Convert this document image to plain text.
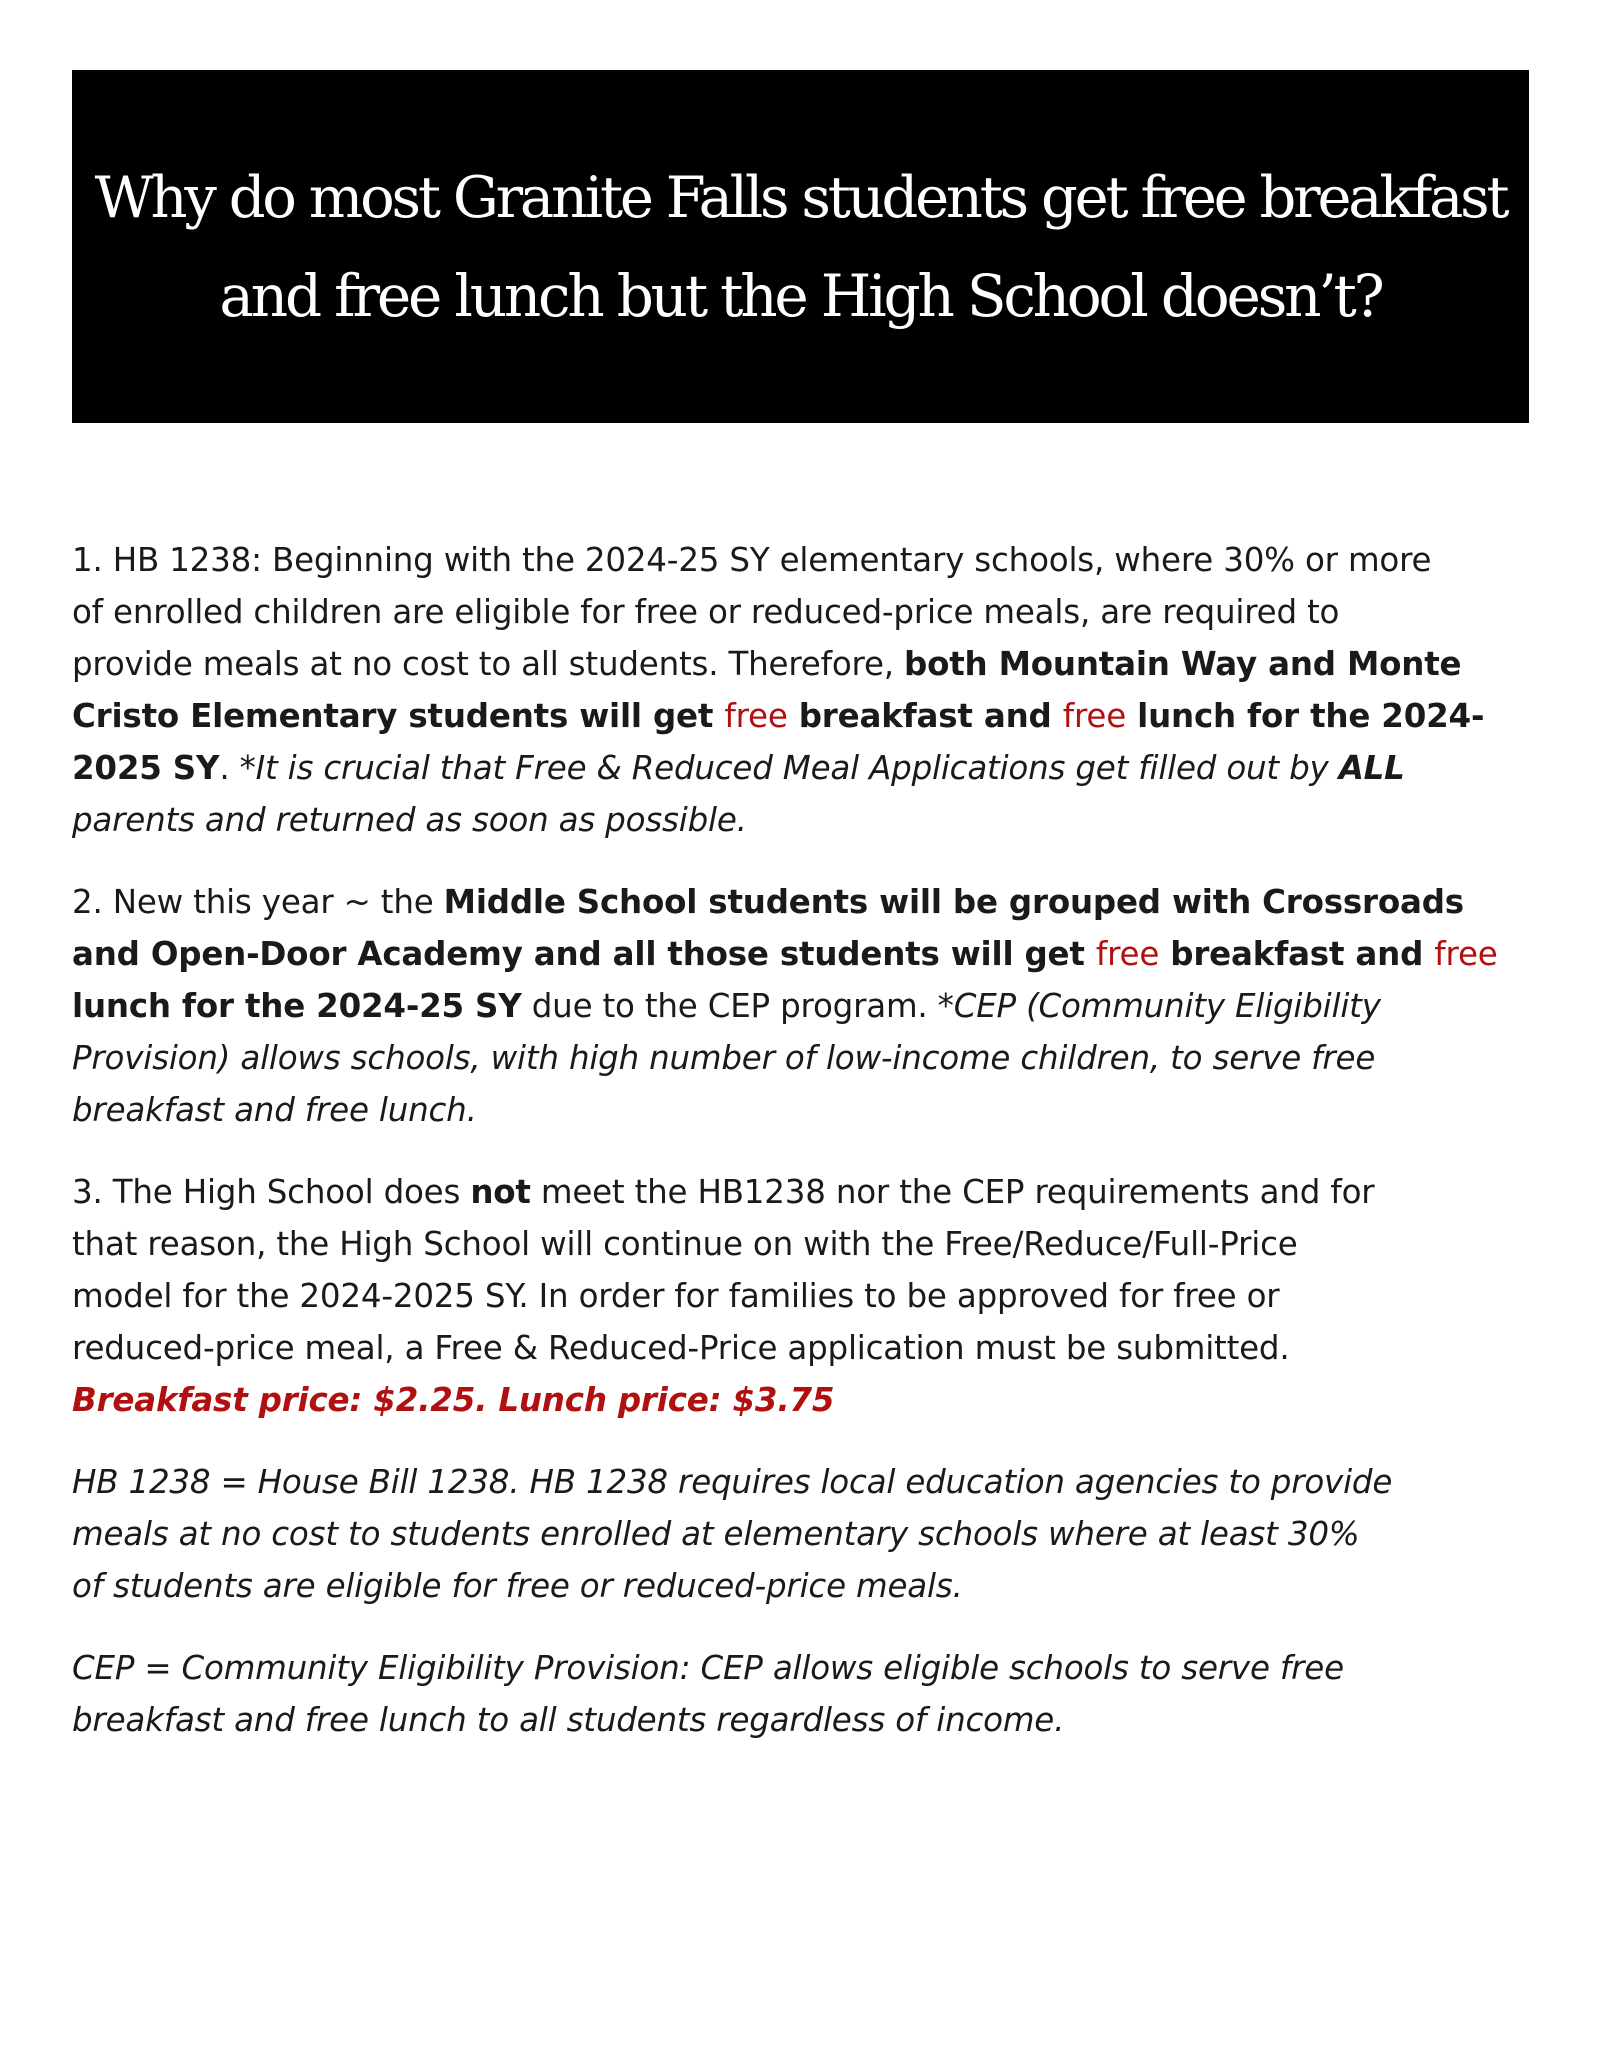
Why do most Granite Falls students get free breakfast
and free lunch but the High School doesn’t?
1. HB 1238: Beginning with the 2024-25 SY elementary schools, where 30% or more
of enrolled children are eligible for free or reduced-price meals, are required to
provide meals at no cost to all students. Therefore, both Mountain Way and Monte
Cristo Elementary students will get free breakfast and free lunch for the 2024-
2025 SY. *It is crucial that Free & Reduced Meal Applications get filled out by ALL
parents and returned as soon as possible.
2. New this year ~ the Middle School students will be grouped with Crossroads
and Open-Door Academy and all those students will get free breakfast and free
lunch for the 2024-25 SY due to the CEP program. *CEP (Community Eligibility
Provision) allows schools, with high number of low-income children, to serve free
breakfast and free lunch.
3. The High School does not meet the HB1238 nor the CEP requirements and for
that reason, the High School will continue on with the Free/Reduce/Full-Price
model for the 2024-2025 SY. In order for families to be approved for free or
reduced-price meal, a Free & Reduced-Price application must be submitted.
Breakfast price: $2.25. Lunch price: $3.75
HB 1238 = House Bill 1238. HB 1238 requires local education agencies to provide
meals at no cost to students enrolled at elementary schools where at least 30%
of students are eligible for free or reduced-price meals.
CEP = Community Eligibility Provision: CEP allows eligible schools to serve free
breakfast and free lunch to all students regardless of income.
